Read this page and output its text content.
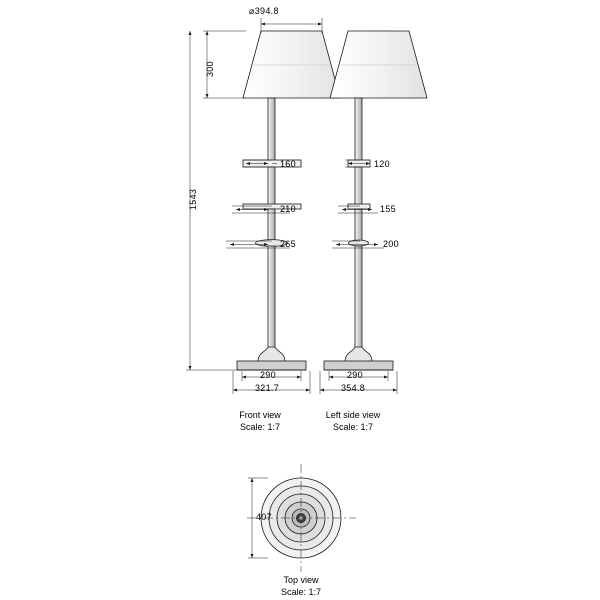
⌀394.8
300
1543
160
210
265
290
321.7
120
155
200
290
354.8
407
Front view
Scale: 1:7
Left side view
Scale: 1:7
Top view
Scale: 1:7
